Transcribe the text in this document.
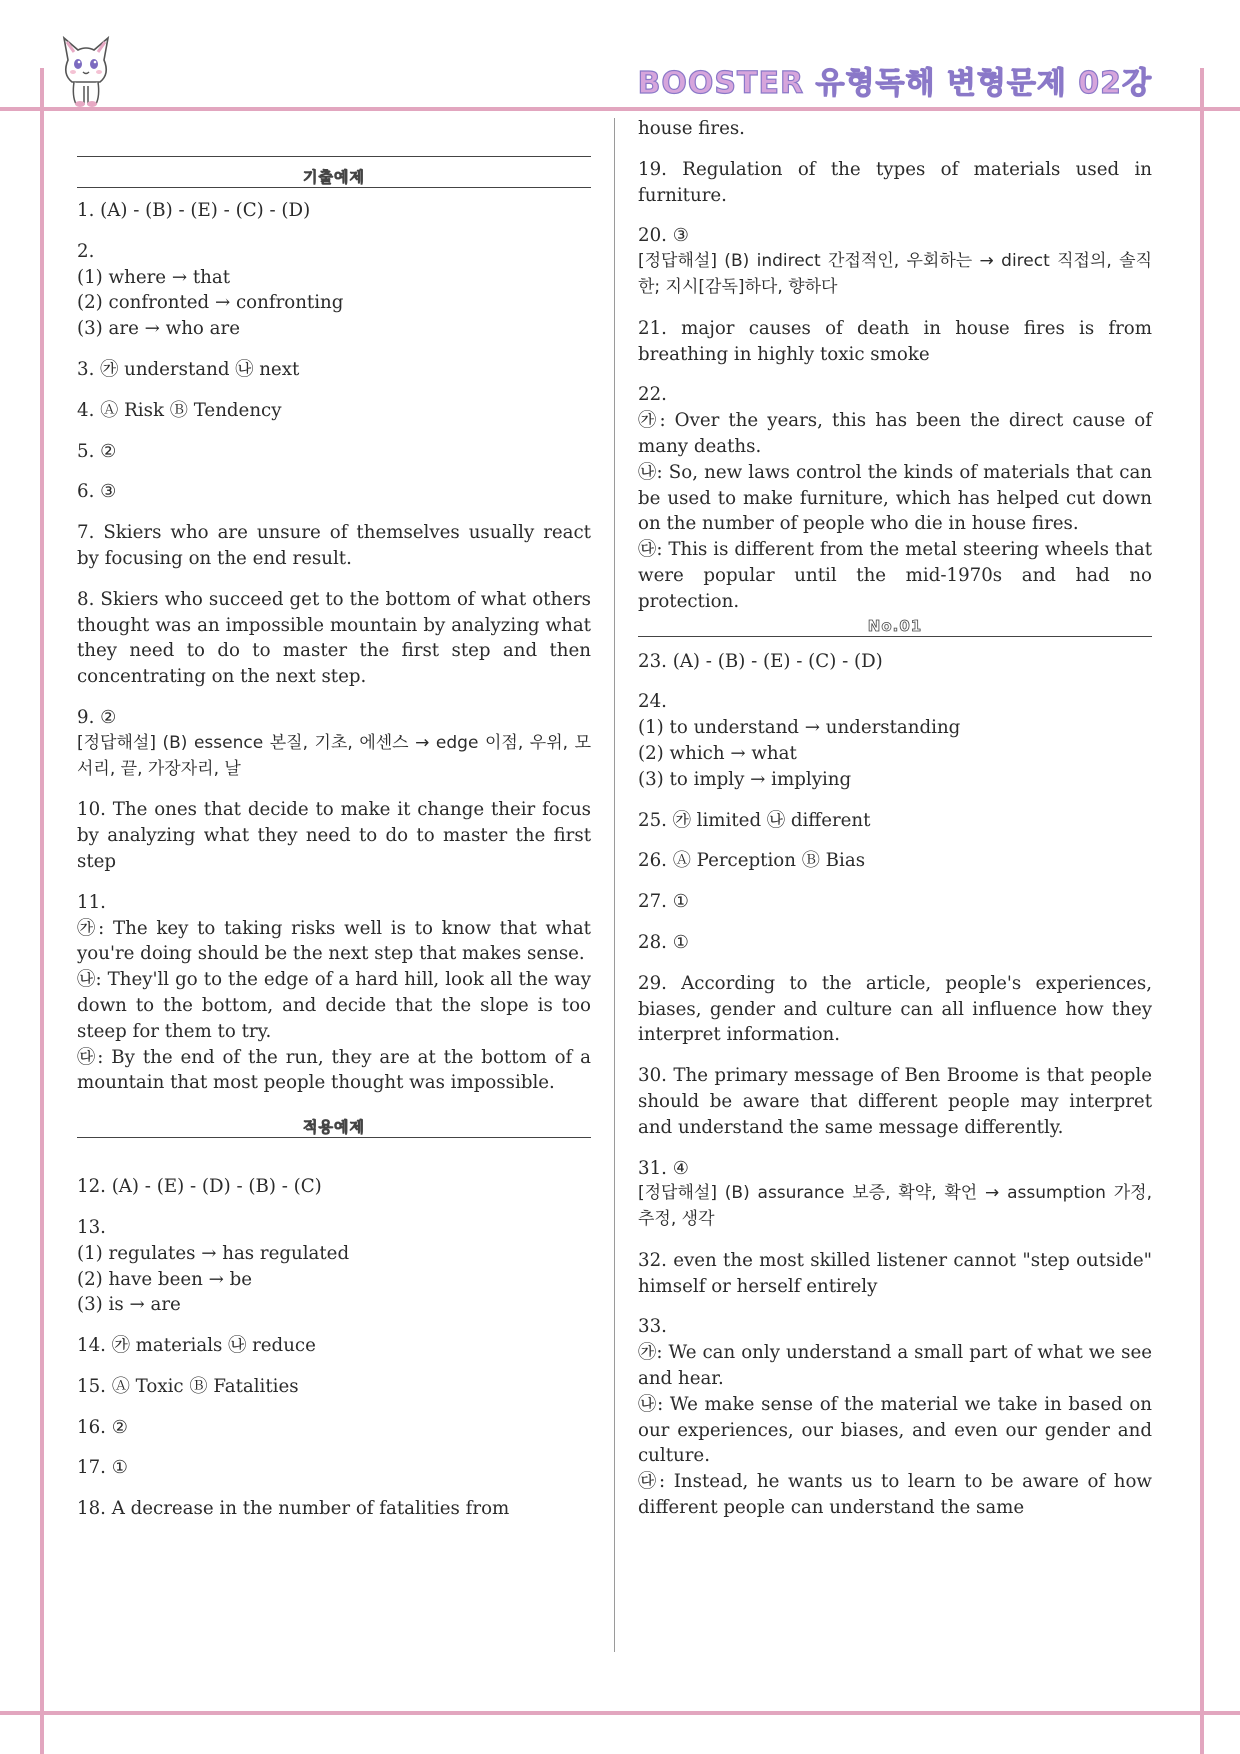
BOOSTER 유형독해 변형문제 02강
기출예제
1. (A) - (B) - (E) - (C) - (D)
2.
(1) where → that
(2) confronted → confronting
(3) are → who are
3. ㉮ understand ㉯ next
4. Ⓐ Risk Ⓑ Tendency
5. ②
6. ③
7. Skiers who are unsure of themselves usually react by focusing on the end result.
8. Skiers who succeed get to the bottom of what others thought was an impossible mountain by analyzing what they need to do to master the first step and then concentrating on the next step.
9. ②
[정답해설] (B) essence 본질, 기초, 에센스 → edge 이점, 우위, 모서리, 끝, 가장자리, 날
10. The ones that decide to make it change their focus by analyzing what they need to do to master the first step
11.
㉮: The key to taking risks well is to know that what you're doing should be the next step that makes sense.
㉯: They'll go to the edge of a hard hill, look all the way down to the bottom, and decide that the slope is too steep for them to try.
㉰: By the end of the run, they are at the bottom of a mountain that most people thought was impossible.
적용예제
12. (A) - (E) - (D) - (B) - (C)
13.
(1) regulates → has regulated
(2) have been → be
(3) is → are
14. ㉮ materials ㉯ reduce
15. Ⓐ Toxic Ⓑ Fatalities
16. ②
17. ①
18. A decrease in the number of fatalities from
house fires.
19. Regulation of the types of materials used in furniture.
20. ③
[정답해설] (B) indirect 간접적인, 우회하는 → direct 직접의, 솔직한; 지시[감독]하다, 향하다
21. major causes of death in house fires is from breathing in highly toxic smoke
22.
㉮: Over the years, this has been the direct cause of many deaths.
㉯: So, new laws control the kinds of materials that can be used to make furniture, which has helped cut down on the number of people who die in house fires.
㉰: This is different from the metal steering wheels that were popular until the mid-1970s and had no protection.
No.01
23. (A) - (B) - (E) - (C) - (D)
24.
(1) to understand → understanding
(2) which → what
(3) to imply → implying
25. ㉮ limited ㉯ different
26. Ⓐ Perception Ⓑ Bias
27. ①
28. ①
29. According to the article, people's experiences, biases, gender and culture can all influence how they interpret information.
30. The primary message of Ben Broome is that people should be aware that different people may interpret and understand the same message differently.
31. ④
[정답해설] (B) assurance 보증, 확약, 확언 → assumption 가정, 추정, 생각
32. even the most skilled listener cannot "step outside" himself or herself entirely
33.
㉮: We can only understand a small part of what we see and hear.
㉯: We make sense of the material we take in based on our experiences, our biases, and even our gender and culture.
㉰: Instead, he wants us to learn to be aware of how different people can understand the same
